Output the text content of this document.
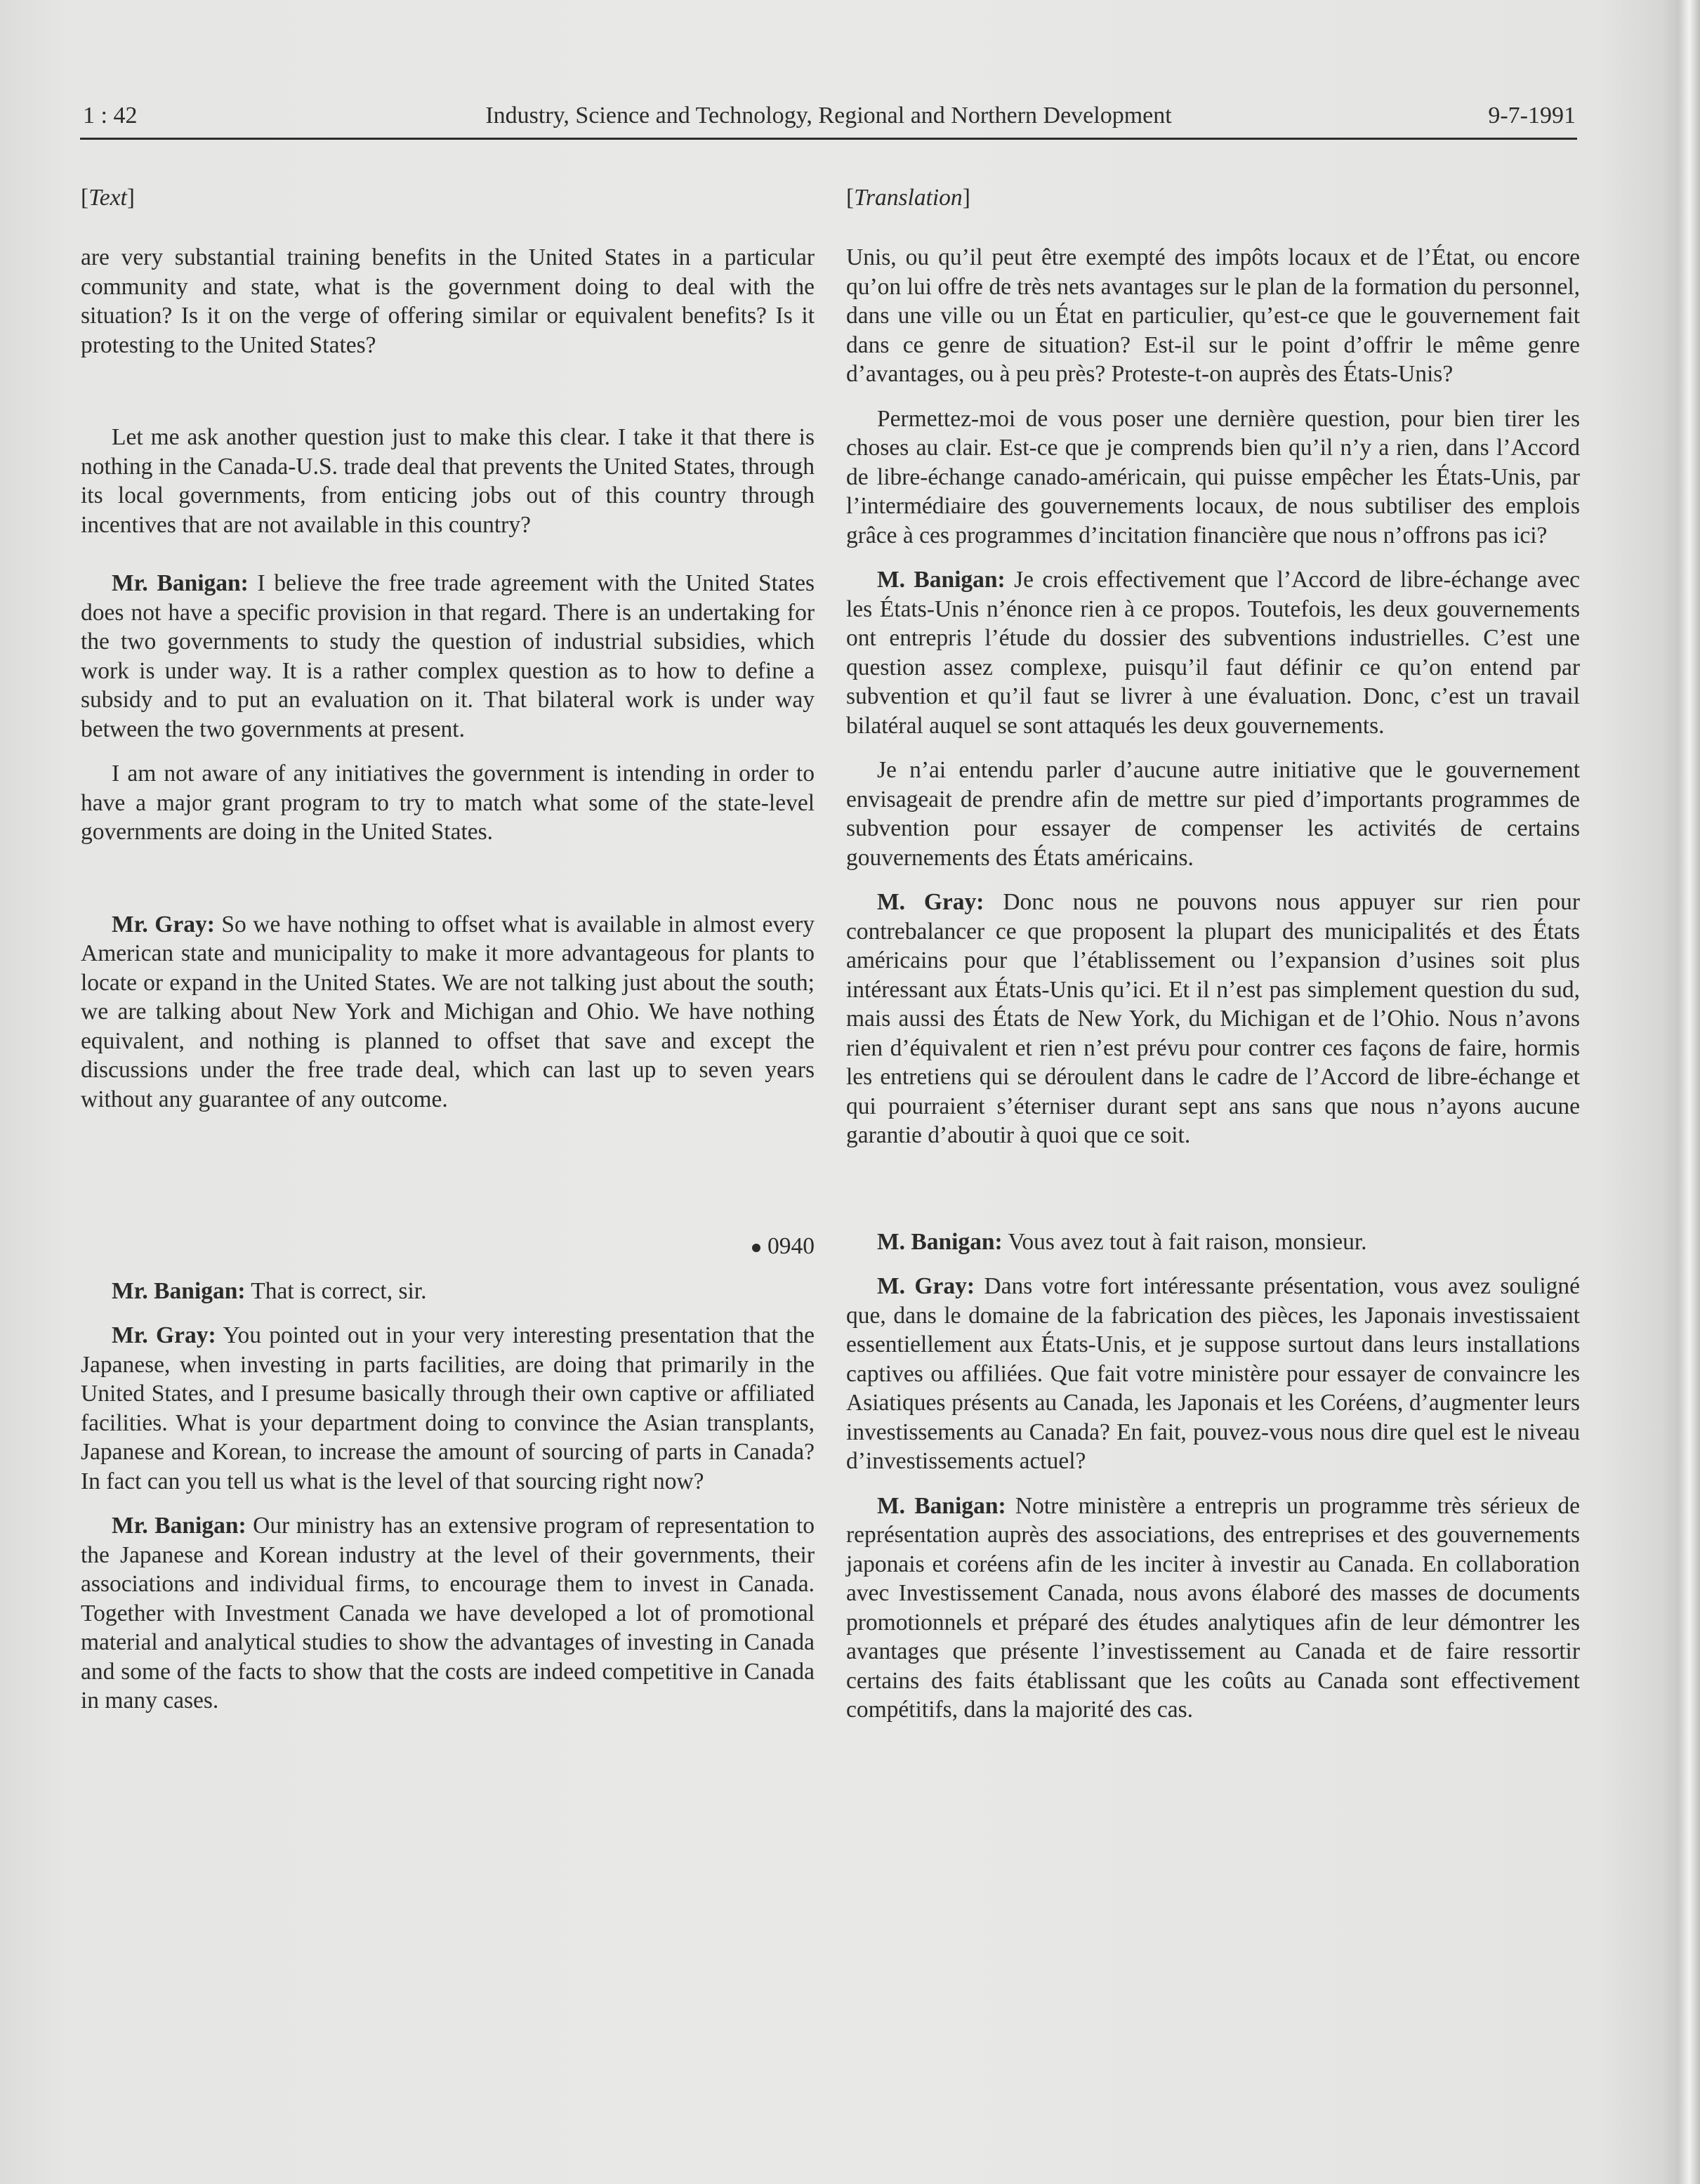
1 : 42	Industry, Science and Technology, Regional and Northern Development	9-7-1991
[Text]

are very substantial training benefits in the United States in a particular community and state, what is the government doing to deal with the situation? Is it on the verge of offering similar or equivalent benefits? Is it protesting to the United States?

Let me ask another question just to make this clear. I take it that there is nothing in the Canada-U.S. trade deal that prevents the United States, through its local governments, from enticing jobs out of this country through incentives that are not available in this country?

Mr. Banigan: I believe the free trade agreement with the United States does not have a specific provision in that regard. There is an undertaking for the two governments to study the question of industrial subsidies, which work is under way. It is a rather complex question as to how to define a subsidy and to put an evaluation on it. That bilateral work is under way between the two governments at present.

I am not aware of any initiatives the government is intending in order to have a major grant program to try to match what some of the state-level governments are doing in the United States.

Mr. Gray: So we have nothing to offset what is available in almost every American state and municipality to make it more advantageous for plants to locate or expand in the United States. We are not talking just about the south; we are talking about New York and Michigan and Ohio. We have nothing equivalent, and nothing is planned to offset that save and except the discussions under the free trade deal, which can last up to seven years without any guarantee of any outcome.

0940

Mr. Banigan: That is correct, sir.

Mr. Gray: You pointed out in your very interesting presentation that the Japanese, when investing in parts facilities, are doing that primarily in the United States, and I presume basically through their own captive or affiliated facilities. What is your department doing to convince the Asian transplants, Japanese and Korean, to increase the amount of sourcing of parts in Canada? In fact can you tell us what is the level of that sourcing right now?

Mr. Banigan: Our ministry has an extensive program of representation to the Japanese and Korean industry at the level of their governments, their associations and individual firms, to encourage them to invest in Canada. Together with Investment Canada we have developed a lot of promotional material and analytical studies to show the advantages of investing in Canada and some of the facts to show that the costs are indeed competitive in Canada in many cases.

[Translation]

Unis, ou qu’il peut être exempté des impôts locaux et de l’État, ou encore qu’on lui offre de très nets avantages sur le plan de la formation du personnel, dans une ville ou un État en particulier, qu’est-ce que le gouvernement fait dans ce genre de situation? Est-il sur le point d’offrir le même genre d’avantages, ou à peu près? Proteste-t-on auprès des États-Unis?

Permettez-moi de vous poser une dernière question, pour bien tirer les choses au clair. Est-ce que je comprends bien qu’il n’y a rien, dans l’Accord de libre-échange canado-américain, qui puisse empêcher les États-Unis, par l’intermédiaire des gouvernements locaux, de nous subtiliser des emplois grâce à ces programmes d’incitation financière que nous n’offrons pas ici?

M. Banigan: Je crois effectivement que l’Accord de libre-échange avec les États-Unis n’énonce rien à ce propos. Toutefois, les deux gouvernements ont entrepris l’étude du dossier des subventions industrielles. C’est une question assez complexe, puisqu’il faut définir ce qu’on entend par subvention et qu’il faut se livrer à une évaluation. Donc, c’est un travail bilatéral auquel se sont attaqués les deux gouvernements.

Je n’ai entendu parler d’aucune autre initiative que le gouvernement envisageait de prendre afin de mettre sur pied d’importants programmes de subvention pour essayer de compenser les activités de certains gouvernements des États américains.

M. Gray: Donc nous ne pouvons nous appuyer sur rien pour contrebalancer ce que proposent la plupart des municipalités et des États américains pour que l’établissement ou l’expansion d’usines soit plus intéressant aux États-Unis qu’ici. Et il n’est pas simplement question du sud, mais aussi des États de New York, du Michigan et de l’Ohio. Nous n’avons rien d’équivalent et rien n’est prévu pour contrer ces façons de faire, hormis les entretiens qui se déroulent dans le cadre de l’Accord de libre-échange et qui pourraient s’éterniser durant sept ans sans que nous n’ayons aucune garantie d’aboutir à quoi que ce soit.

M. Banigan: Vous avez tout à fait raison, monsieur.

M. Gray: Dans votre fort intéressante présentation, vous avez souligné que, dans le domaine de la fabrication des pièces, les Japonais investissaient essentiellement aux États-Unis, et je suppose surtout dans leurs installations captives ou affiliées. Que fait votre ministère pour essayer de convaincre les Asiatiques présents au Canada, les Japonais et les Coréens, d’augmenter leurs investissements au Canada? En fait, pouvez-vous nous dire quel est le niveau d’investissements actuel?

M. Banigan: Notre ministère a entrepris un programme très sérieux de représentation auprès des associations, des entreprises et des gouvernements japonais et coréens afin de les inciter à investir au Canada. En collaboration avec Investissement Canada, nous avons élaboré des masses de documents promotionnels et préparé des études analytiques afin de leur démontrer les avantages que présente l’investissement au Canada et de faire ressortir certains des faits établissant que les coûts au Canada sont effectivement compétitifs, dans la majorité des cas.
